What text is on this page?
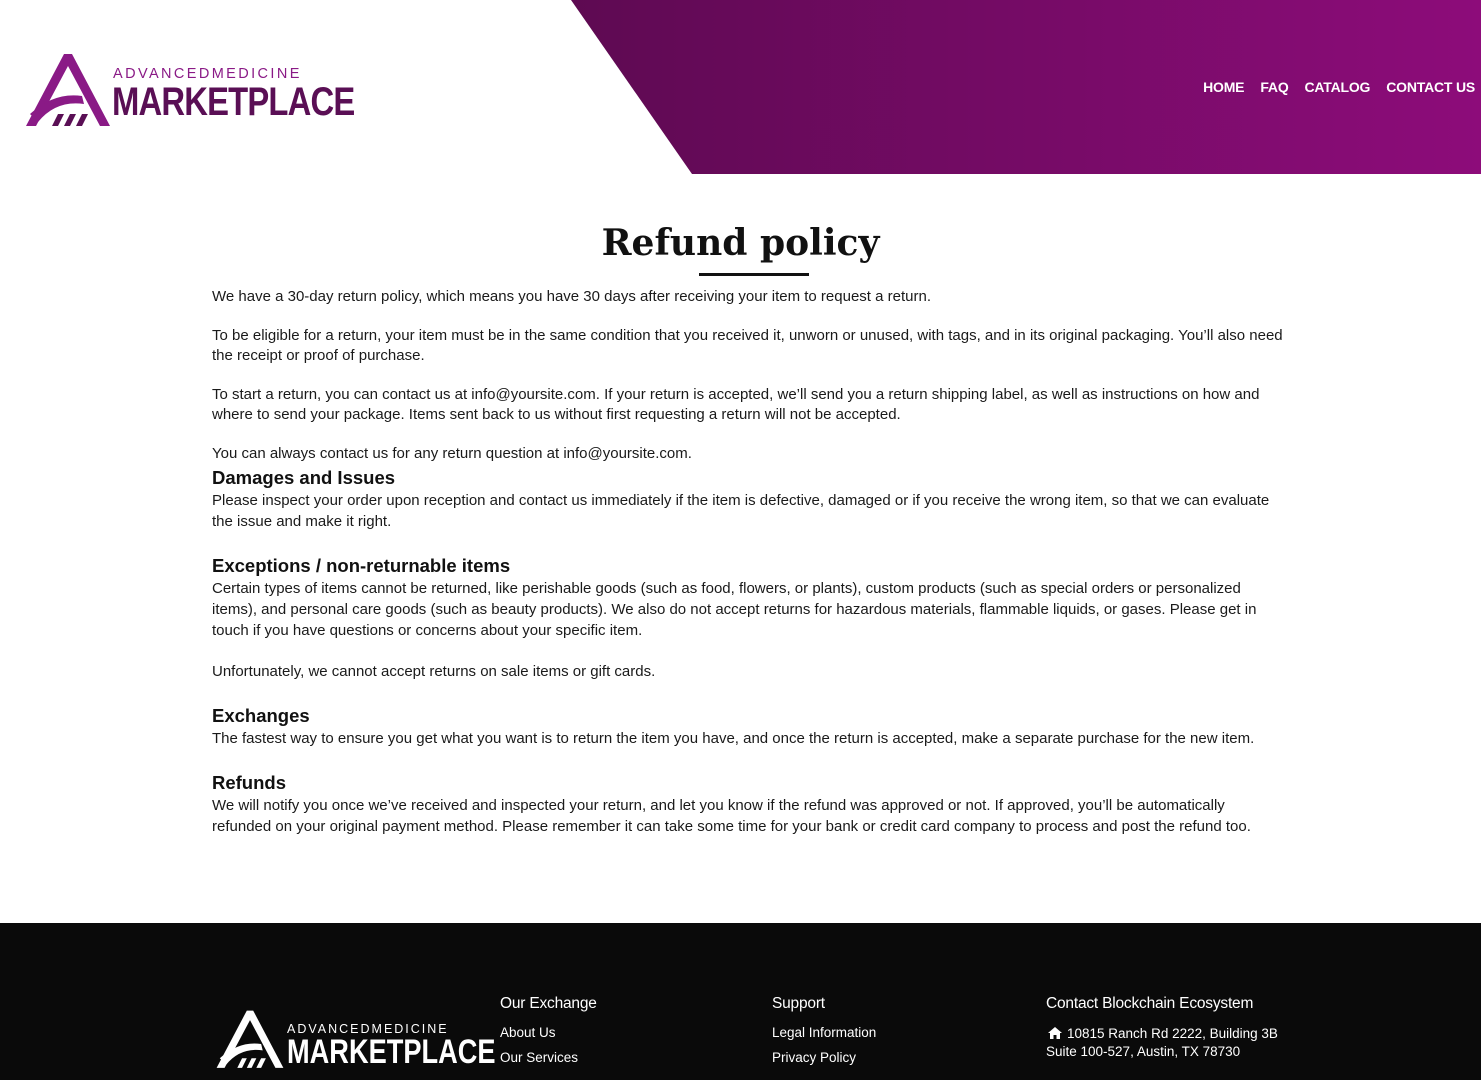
ADVANCEDMEDICINE
MARKETPLACE	HOME FAQ CATALOG CONTACT US
Refund policy

We have a 30-day return policy, which means you have 30 days after receiving your item to request a return.

To be eligible for a return, your item must be in the same condition that you received it, unworn or unused, with tags, and in its original packaging. You’ll also need the receipt or proof of purchase.

To start a return, you can contact us at info@yoursite.com. If your return is accepted, we’ll send you a return shipping label, as well as instructions on how and where to send your package. Items sent back to us without first requesting a return will not be accepted.

You can always contact us for any return question at info@yoursite.com.

Damages and Issues

Please inspect your order upon reception and contact us immediately if the item is defective, damaged or if you receive the wrong item, so that we can evaluate the issue and make it right.

Exceptions / non-returnable items

Certain types of items cannot be returned, like perishable goods (such as food, flowers, or plants), custom products (such as special orders or personalized items), and personal care goods (such as beauty products). We also do not accept returns for hazardous materials, flammable liquids, or gases. Please get in touch if you have questions or concerns about your specific item.

Unfortunately, we cannot accept returns on sale items or gift cards.

Exchanges

The fastest way to ensure you get what you want is to return the item you have, and once the return is accepted, make a separate purchase for the new item.

Refunds

We will notify you once we’ve received and inspected your return, and let you know if the refund was approved or not. If approved, you’ll be automatically refunded on your original payment method. Please remember it can take some time for your bank or credit card company to process and post the refund too.

ADVANCEDMEDICINE
MARKETPLACE
Our Exchange
About Us
Our Services
Support
Legal Information
Privacy Policy
Contact Blockchain Ecosystem
10815 Ranch Rd 2222, Building 3B
Suite 100-527, Austin, TX 78730
